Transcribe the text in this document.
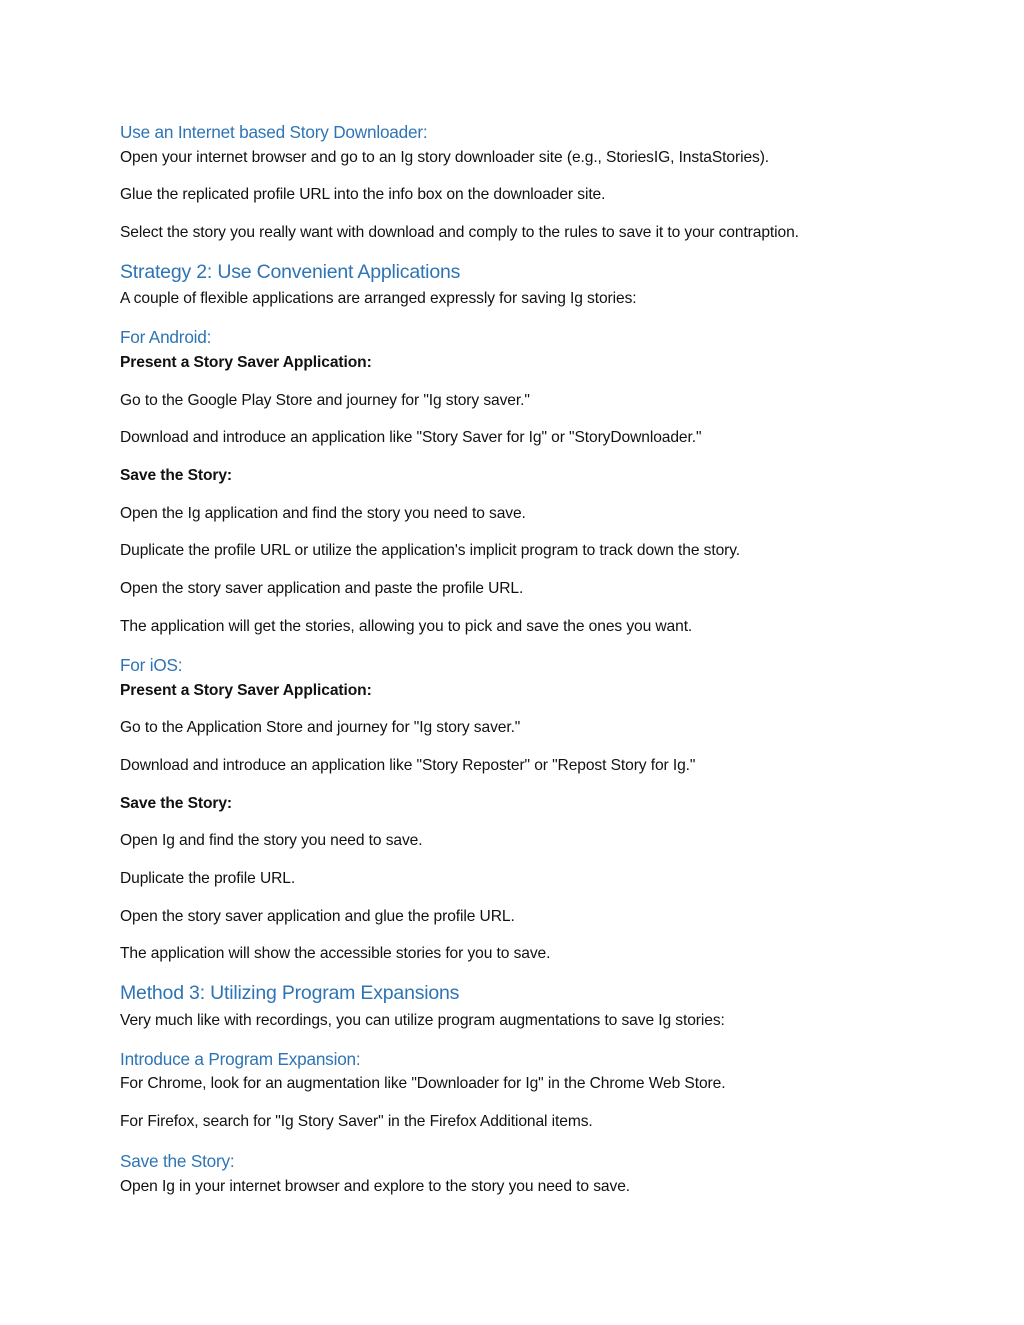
Use an Internet based Story Downloader:
Open your internet browser and go to an Ig story downloader site (e.g., StoriesIG, InstaStories).
Glue the replicated profile URL into the info box on the downloader site.
Select the story you really want with download and comply to the rules to save it to your contraption.
Strategy 2: Use Convenient Applications
A couple of flexible applications are arranged expressly for saving Ig stories:
For Android:
Present a Story Saver Application:
Go to the Google Play Store and journey for "Ig story saver."
Download and introduce an application like "Story Saver for Ig" or "StoryDownloader."
Save the Story:
Open the Ig application and find the story you need to save.
Duplicate the profile URL or utilize the application's implicit program to track down the story.
Open the story saver application and paste the profile URL.
The application will get the stories, allowing you to pick and save the ones you want.
For iOS:
Present a Story Saver Application:
Go to the Application Store and journey for "Ig story saver."
Download and introduce an application like "Story Reposter" or "Repost Story for Ig."
Save the Story:
Open Ig and find the story you need to save.
Duplicate the profile URL.
Open the story saver application and glue the profile URL.
The application will show the accessible stories for you to save.
Method 3: Utilizing Program Expansions
Very much like with recordings, you can utilize program augmentations to save Ig stories:
Introduce a Program Expansion:
For Chrome, look for an augmentation like "Downloader for Ig" in the Chrome Web Store.
For Firefox, search for "Ig Story Saver" in the Firefox Additional items.
Save the Story:
Open Ig in your internet browser and explore to the story you need to save.
